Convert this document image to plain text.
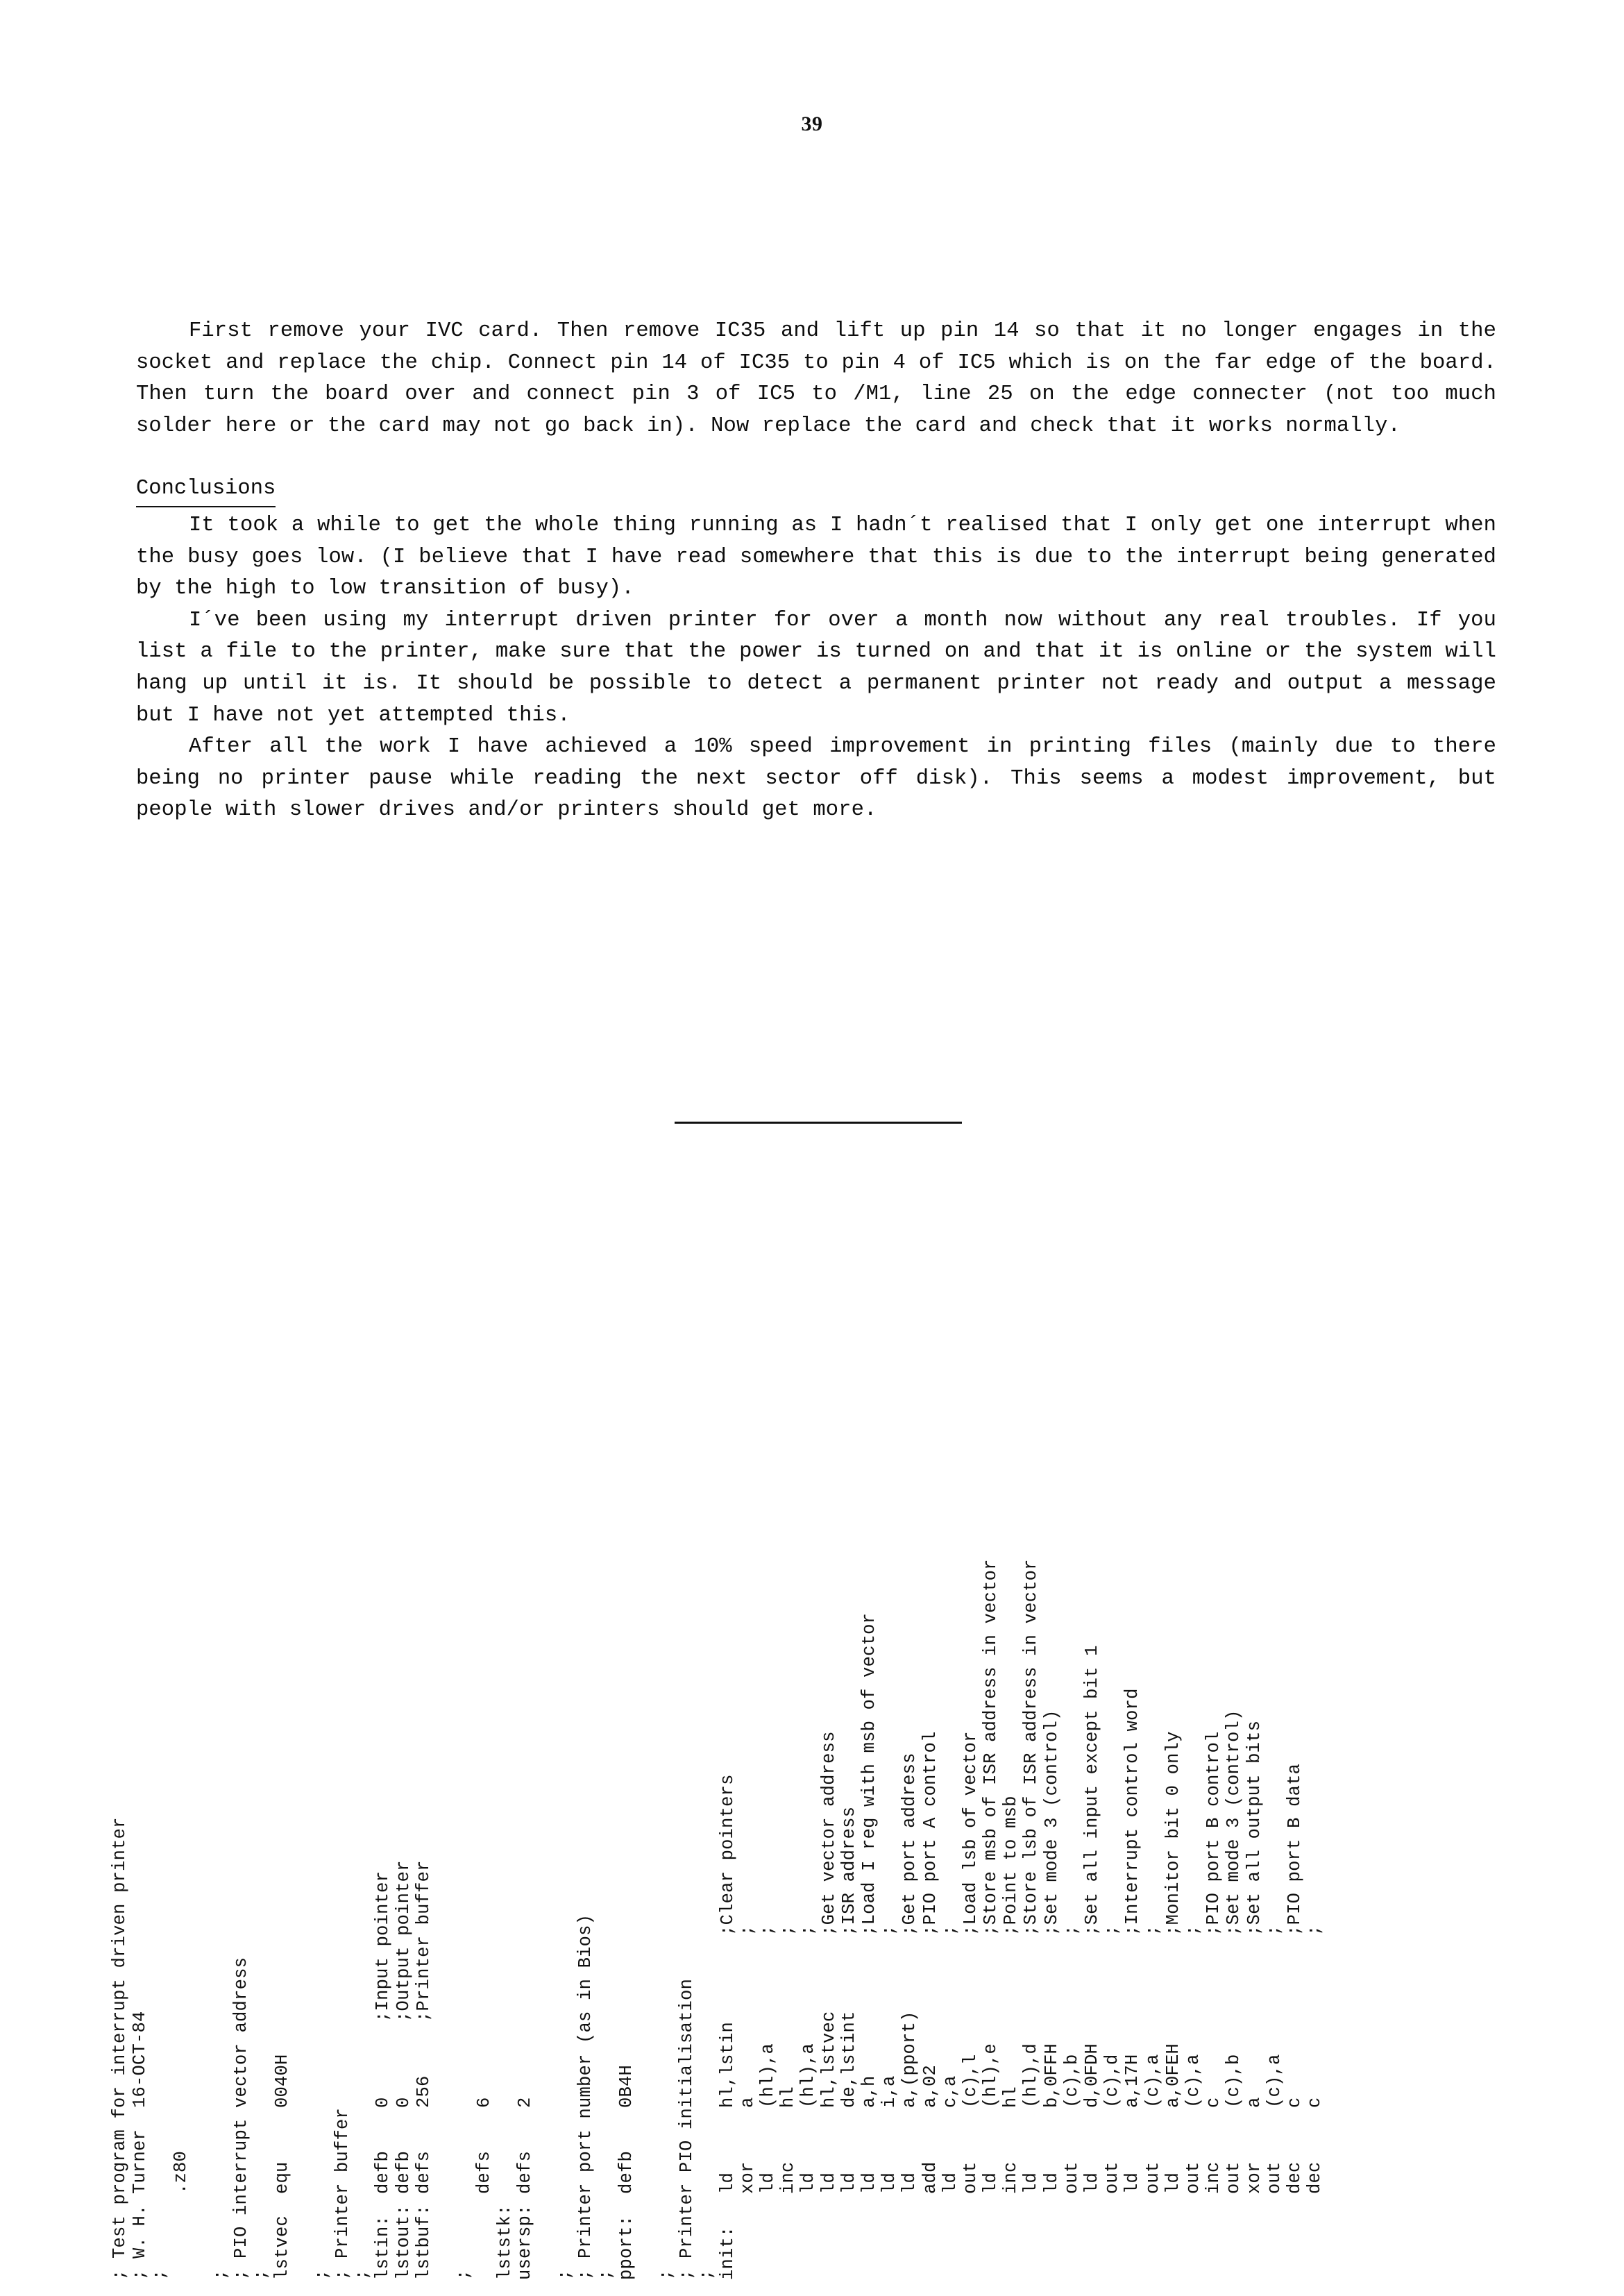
39

First remove your IVC card. Then remove IC35 and lift up pin 14 so that it no longer engages in the socket and replace the chip. Connect pin 14 of IC35 to pin 4 of IC5 which is on the far edge of the board. Then turn the board over and connect pin 3 of IC5 to /M1, line 25 on the edge connecter (not too much solder here or the card may not go back in). Now replace the card and check that it works normally.

Conclusions

It took a while to get the whole thing running as I hadn´t realised that I only get one interrupt when the busy goes low. (I believe that I have read somewhere that this is due to the interrupt being generated by the high to low transition of busy).

I´ve been using my interrupt driven printer for over a month now without any real troubles. If you list a file to the printer, make sure that the power is turned on and that it is online or the system will hang up until it is. It should be possible to detect a permanent printer not ready and output a message but I have not yet attempted this.

After all the work I have achieved a 10% speed improvement in printing files (mainly due to there being no printer pause while reading the next sector off disk). This seems a modest improvement, but people with slower drives and/or printers should get more.

; Test program for interrupt driven printer ; W. H. Turner  16-OCT-84 ; .z80
; ; PIO interrupt vector address ; lstvec  equ     0040H
; ; Printer buffer ; lstin:  defb    0       ;Input pointer lstout: defb    0       ;Output pointer lstbuf: defs    256     ;Printer buffer
; defs    6 lststk: usersp: defs    2
; ; Printer port number (as in Bios) ; pport:  defb    0B4H
; ; Printer PIO initialisation ; init:   ld      hl,lstin        ;Clear pointers xor     a               ; ld      (hl),a          ; inc     hl              ; ld      (hl),a          ; ld      hl,lstvec       ;Get vector address ld      de,lstint       ;ISR address ld      a,h             ;Load I reg with msb of vector ld      i,a             ; ld      a,(pport)       ;Get port address add     a,02            ;PIO port A control ld      c,a             ; out     (c),l           ;Load lsb of vector ld      (hl),e          ;Store msb of ISR address in vector inc     hl              ;Point to msb ld      (hl),d          ;Store lsb of ISR address in vector ld      b,0FFH          ;Set mode 3 (control) out     (c),b           ; ld      d,0FDH          ;Set all input except bit 1 out     (c),d           ; ld      a,17H           ;Interrupt control word out     (c),a           ; ld      a,0FEH          ;Monitor bit 0 only out     (c),a           ; inc     c               ;PIO port B control out     (c),b           ;Set mode 3 (control) xor     a               ;Set all output bits out     (c),a           ; dec     c               ;PIO port B data dec     c               ;
